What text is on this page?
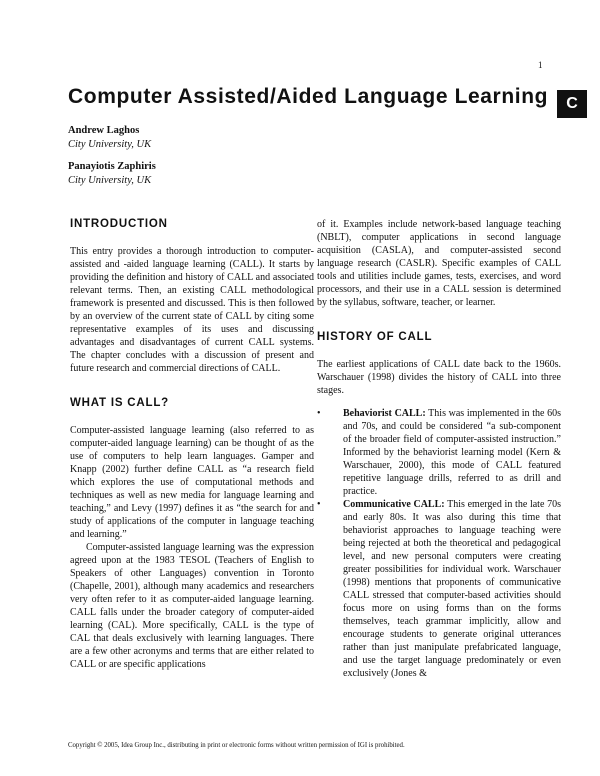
1
C
Computer Assisted/Aided Language Learning
Andrew Laghos
City University, UK
Panayiotis Zaphiris
City University, UK
INTRODUCTION

This entry provides a thorough introduction to computer-assisted and -aided language learning (CALL). It starts by providing the definition and history of CALL and associated relevant terms. Then, an existing CALL methodological framework is presented and discussed. This is then followed by an overview of the current state of CALL by citing some representative examples of its uses and discussing advantages and disadvantages of current CALL systems. The chapter concludes with a discussion of present and future research and commercial directions of CALL.

WHAT IS CALL?

Computer-assisted language learning (also referred to as computer-aided language learning) can be thought of as the use of computers to help learn languages. Gamper and Knapp (2002) further define CALL as “a research field which explores the use of computational methods and techniques as well as new media for language learning and teaching,” and Levy (1997) defines it as “the search for and study of applications of the computer in language teaching and learning.”

Computer-assisted language learning was the expression agreed upon at the 1983 TESOL (Teachers of English to Speakers of other Languages) convention in Toronto (Chapelle, 2001), although many academics and researchers very often refer to it as computer-aided language learning. CALL falls under the broader category of computer-aided learning (CAL). More specifically, CALL is the type of CAL that deals exclusively with learning languages. There are a few other acronyms and terms that are either related to CALL or are specific applications

of it. Examples include network-based language teaching (NBLT), computer applications in second language acquisition (CASLA), and computer-assisted second language research (CASLR). Specific examples of CALL tools and utilities include games, tests, exercises, and word processors, and their use in a CALL session is determined by the syllabus, software, teacher, or learner.

HISTORY OF CALL

The earliest applications of CALL date back to the 1960s. Warschauer (1998) divides the history of CALL into three stages.

• Behaviorist CALL: This was implemented in the 60s and 70s, and could be considered “a sub-component of the broader field of computer-assisted instruction.” Informed by the behaviorist learning model (Kern & Warschauer, 2000), this mode of CALL featured repetitive language drills, referred to as drill and practice.
• Communicative CALL: This emerged in the late 70s and early 80s. It was also during this time that behaviorist approaches to language teaching were being rejected at both the theoretical and pedagogical level, and new personal computers were creating greater possibilities for individual work. Warschauer (1998) mentions that proponents of communicative CALL stressed that computer-based activities should focus more on using forms than on the forms themselves, teach grammar implicitly, allow and encourage students to generate original utterances rather than just manipulate prefabricated language, and use the target language predominately or even exclusively (Jones &
Copyright © 2005, Idea Group Inc., distributing in print or electronic forms without written permission of IGI is prohibited.
